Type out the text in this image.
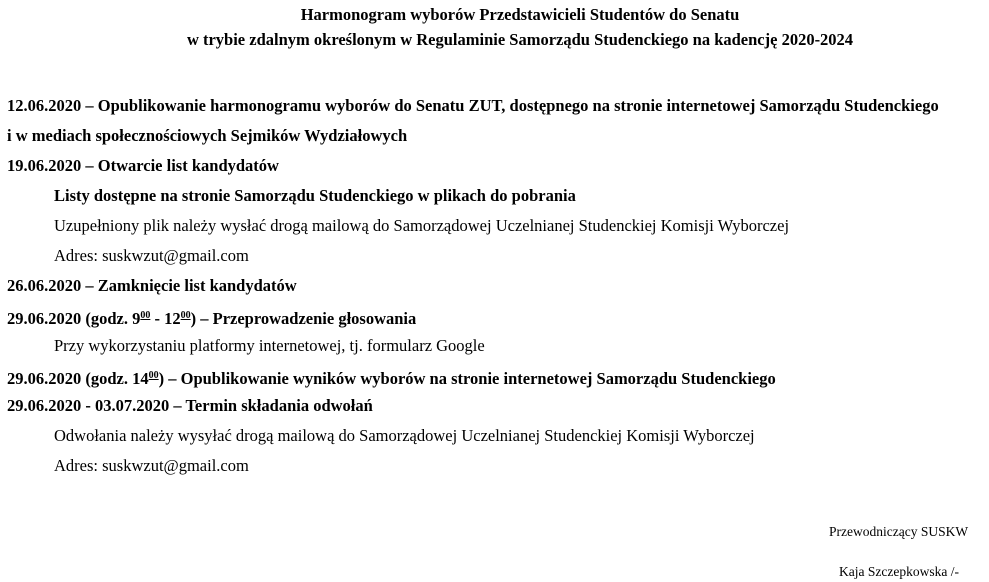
Harmonogram wyborów Przedstawicieli Studentów do Senatu
w trybie zdalnym określonym w Regulaminie Samorządu Studenckiego na kadencję 2020-2024
12.06.2020 – Opublikowanie harmonogramu wyborów do Senatu ZUT, dostępnego na stronie internetowej Samorządu Studenckiego
i w mediach społecznościowych Sejmików Wydziałowych
19.06.2020 – Otwarcie list kandydatów
Listy dostępne na stronie Samorządu Studenckiego w plikach do pobrania
Uzupełniony plik należy wysłać drogą mailową do Samorządowej Uczelnianej Studenckiej Komisji Wyborczej
Adres: suskwzut@gmail.com
26.06.2020 – Zamknięcie list kandydatów
29.06.2020 (godz. $9^{00} - 12^{00}$) – Przeprowadzenie głosowania
Przy wykorzystaniu platformy internetowej, tj. formularz Google
29.06.2020 (godz. $14^{00}$) – Opublikowanie wyników wyborów na stronie internetowej Samorządu Studenckiego
29.06.2020 - 03.07.2020 – Termin składania odwołań
Odwołania należy wysyłać drogą mailową do Samorządowej Uczelnianej Studenckiej Komisji Wyborczej
Adres: suskwzut@gmail.com
Przewodniczący SUSKW
Kaja Szczepkowska /-
